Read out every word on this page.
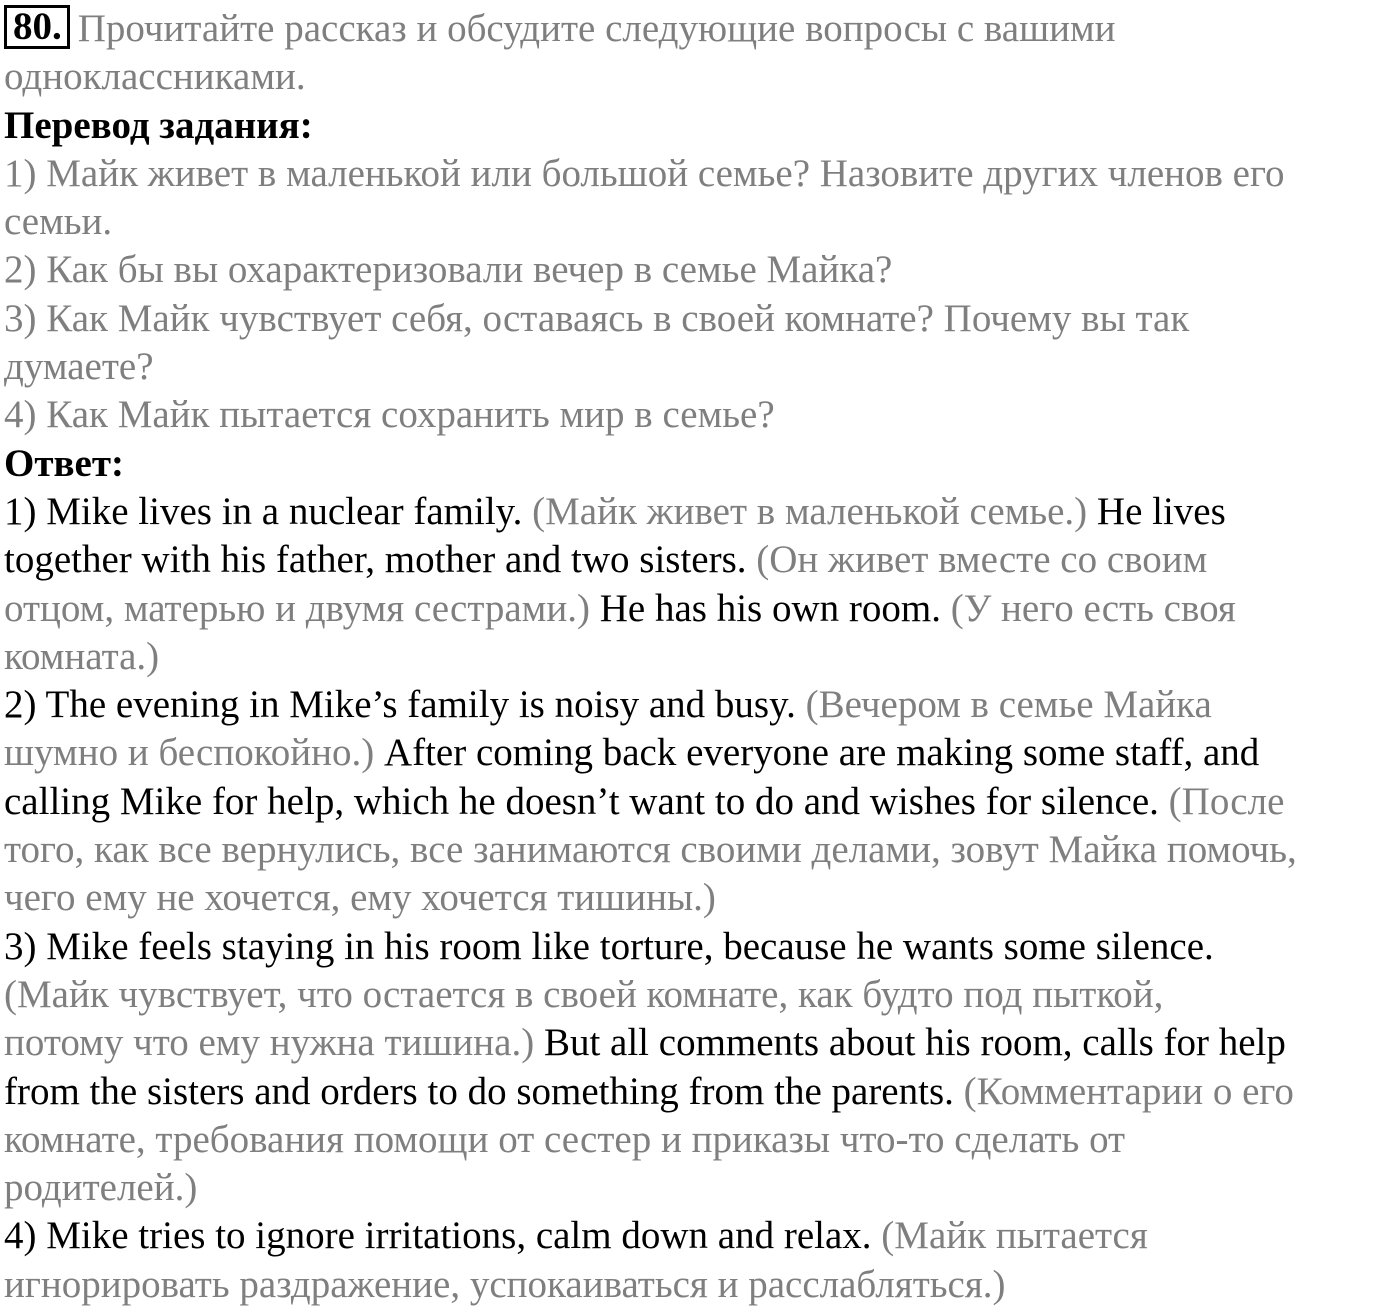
80. Прочитайте рассказ и обсудите следующие вопросы с вашими
одноклассниками.
Перевод задания:
1) Майк живет в маленькой или большой семье? Назовите других членов его
семьи.
2) Как бы вы охарактеризовали вечер в семье Майка?
3) Как Майк чувствует себя, оставаясь в своей комнате? Почему вы так
думаете?
4) Как Майк пытается сохранить мир в семье?
Ответ:
1) Mike lives in a nuclear family. (Майк живет в маленькой семье.) He lives
together with his father, mother and two sisters. (Он живет вместе со своим
отцом, матерью и двумя сестрами.) He has his own room. (У него есть своя
комната.)
2) The evening in Mike’s family is noisy and busy. (Вечером в семье Майка
шумно и беспокойно.) After coming back everyone are making some staff, and
calling Mike for help, which he doesn’t want to do and wishes for silence. (После
того, как все вернулись, все занимаются своими делами, зовут Майка помочь,
чего ему не хочется, ему хочется тишины.)
3) Mike feels staying in his room like torture, because he wants some silence.
(Майк чувствует, что остается в своей комнате, как будто под пыткой,
потому что ему нужна тишина.) But all comments about his room, calls for help
from the sisters and orders to do something from the parents. (Комментарии о его
комнате, требования помощи от сестер и приказы что-то сделать от
родителей.)
4) Mike tries to ignore irritations, calm down and relax. (Майк пытается
игнорировать раздражение, успокаиваться и расслабляться.)
